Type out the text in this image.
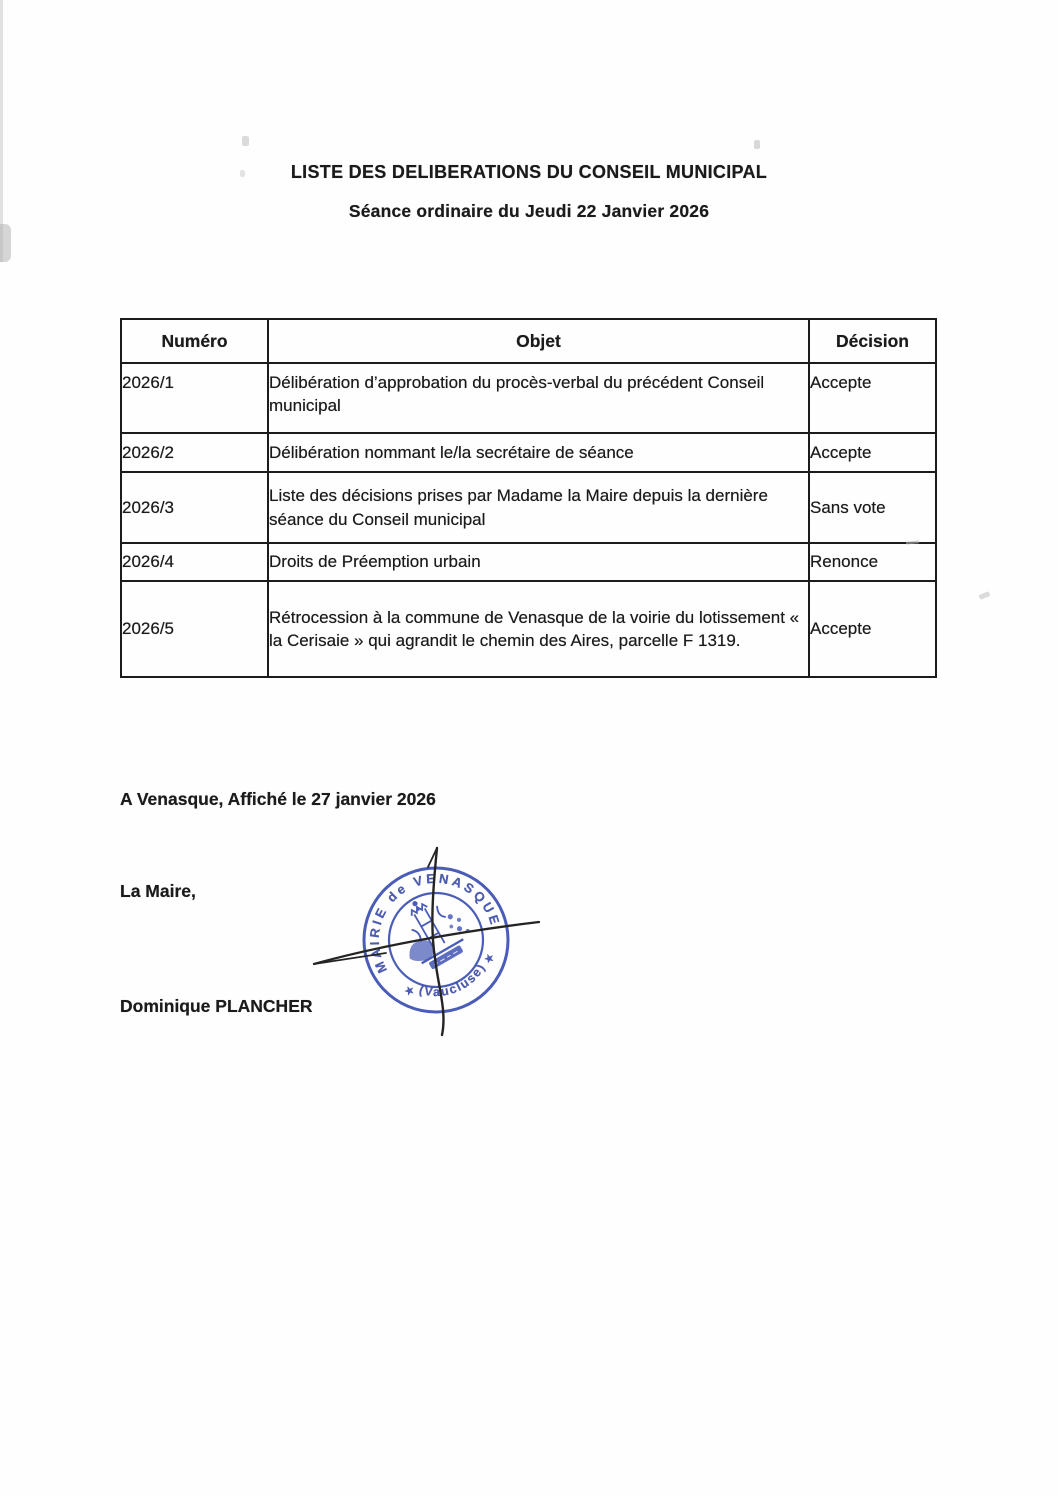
LISTE DES DELIBERATIONS DU CONSEIL MUNICIPAL
Séance ordinaire du Jeudi 22 Janvier 2026
Numéro	Objet	Décision
2026/1	Délibération d’approbation du procès-verbal du précédent Conseil municipal	Accepte
2026/2	Délibération nommant le/la secrétaire de séance	Accepte
2026/3	Liste des décisions prises par Madame la Maire depuis la dernière séance du Conseil municipal	Sans vote
2026/4	Droits de Préemption urbain	Renonce
2026/5	Rétrocession à la commune de Venasque de la voirie du lotissement « la Cerisaie » qui agrandit le chemin des Aires, parcelle F 1319.	Accepte
A Venasque, Affiché le 27 janvier 2026
La Maire,
Dominique PLANCHER
MAIRIE de VENASQUE
(Vaucluse)
★
★
